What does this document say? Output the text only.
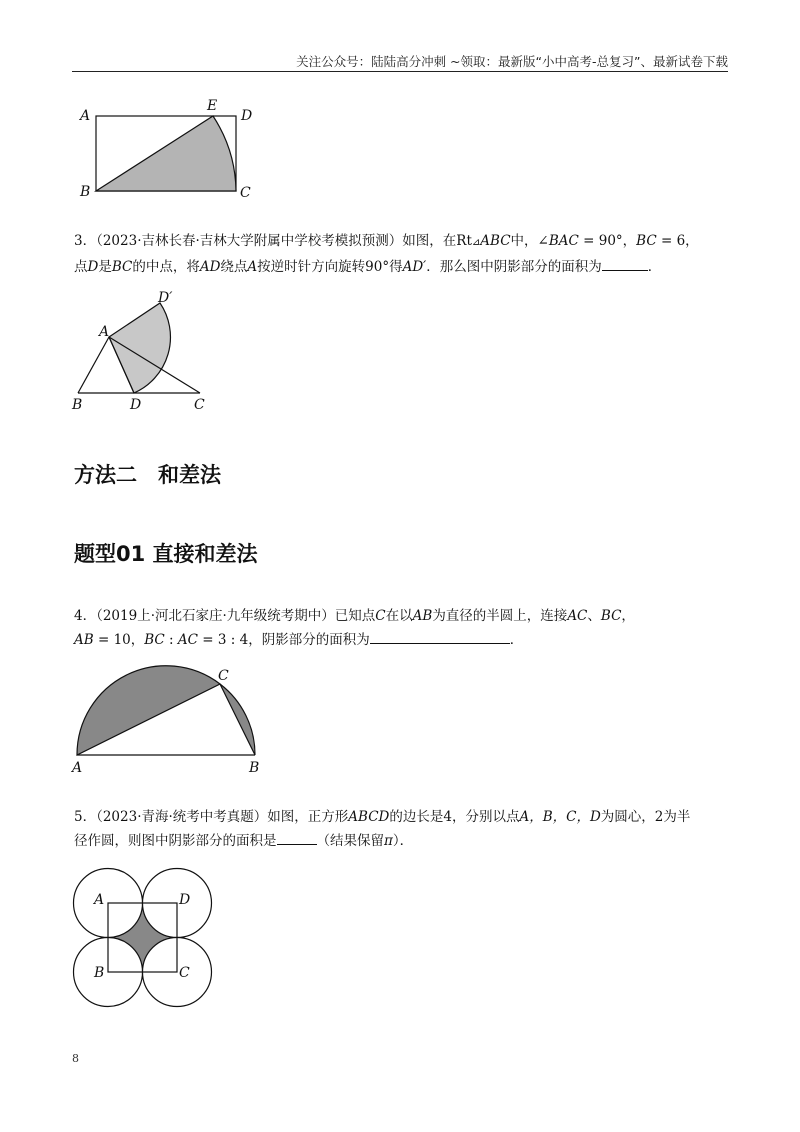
关注公众号：陆陆高分冲刺 ~领取：最新版“小中高考-总复习”、最新试卷下载
A
E
D
B	C
3．（2023·吉林长春·吉林大学附属中学校考模拟预测）如图，在Rt⊿ABC中，∠BAC = 90°，BC = 6，
点D是BC的中点，将AD绕点A按逆时针方向旋转90°得AD′．那么图中阴影部分的面积为	．
D′
A
B	D	C
方法二　和差法
题型01 直接和差法
4．（2019上·河北石家庄·九年级统考期中）已知点C在以AB为直径的半圆上，连接AC、BC，
AB = 10，BC : AC = 3 : 4，阴影部分的面积为	．
C
A	B
5．（2023·青海·统考中考真题）如图，正方形ABCD的边长是4，分别以点A，B，C，D为圆心，2为半
径作圆，则图中阴影部分的面积是	（结果保留π）．
A	D
B	C
8
